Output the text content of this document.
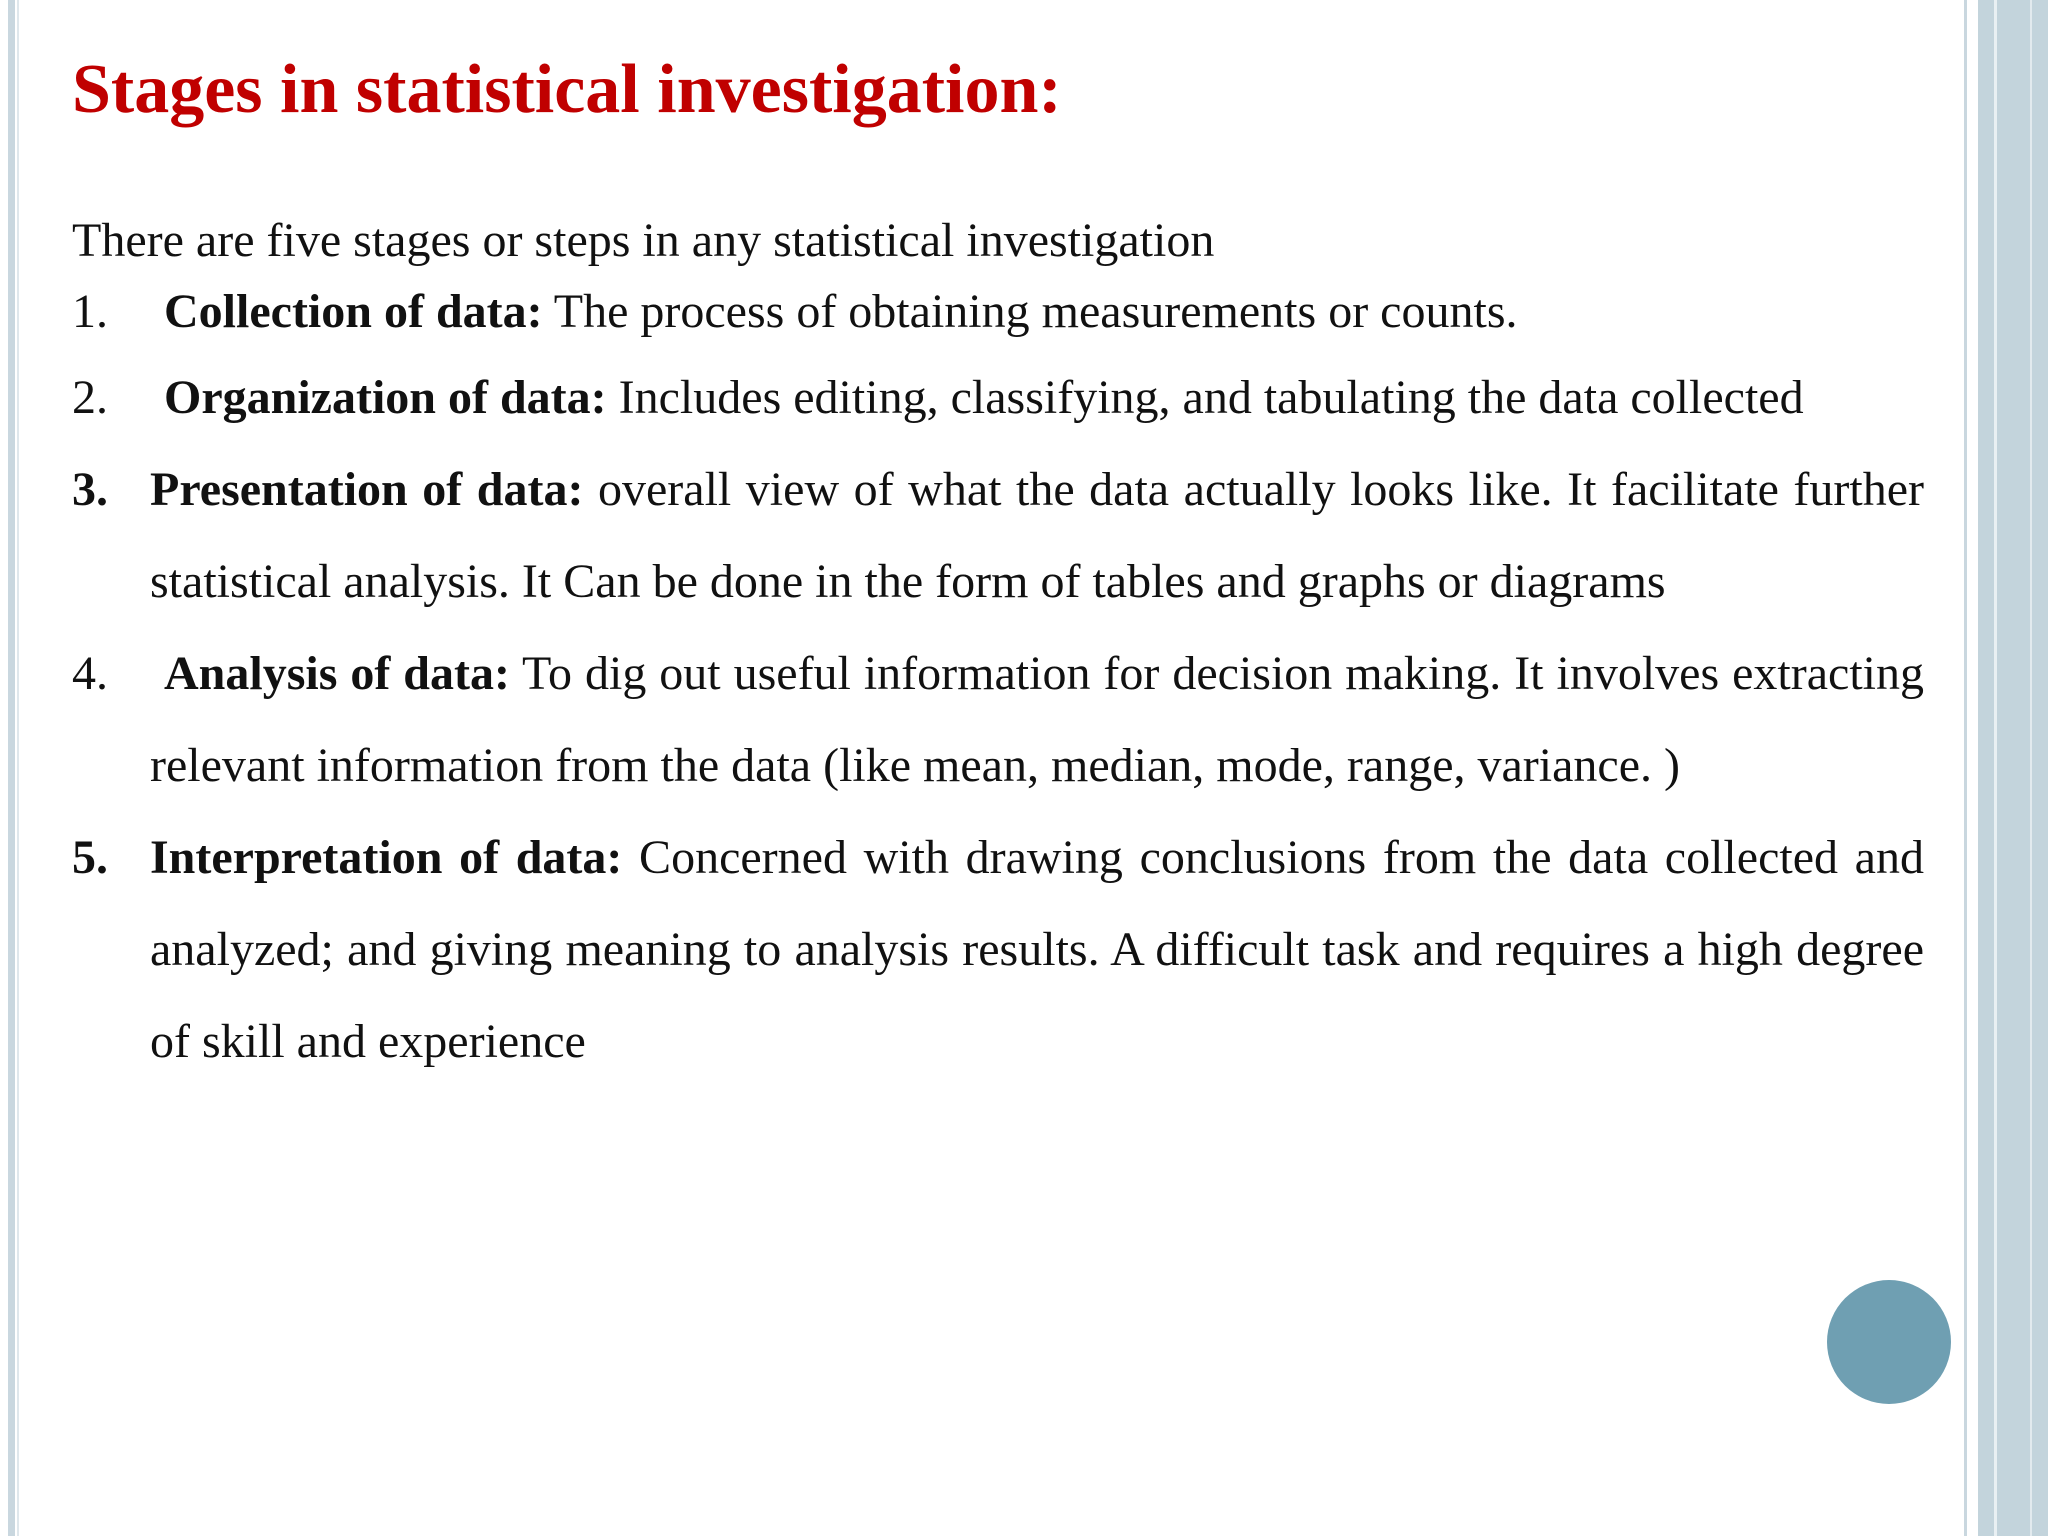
Stages in statistical investigation:

There are five stages or steps in any statistical investigation

1.	Collection of data: The process of obtaining measurements or counts.
2.	Organization of data: Includes editing, classifying, and tabulating the data collected
3. Presentation of data: overall view of what the data actually looks like. It facilitate further statistical analysis. It Can be done in the form of tables and graphs or diagrams
4.	Analysis of data: To dig out useful information for decision making. It involves extracting relevant information from the data (like mean, median, mode, range, variance. )
5. Interpretation of data: Concerned with drawing conclusions from the data collected and analyzed; and giving meaning to analysis results. A difficult task and requires a high degree of skill and experience
